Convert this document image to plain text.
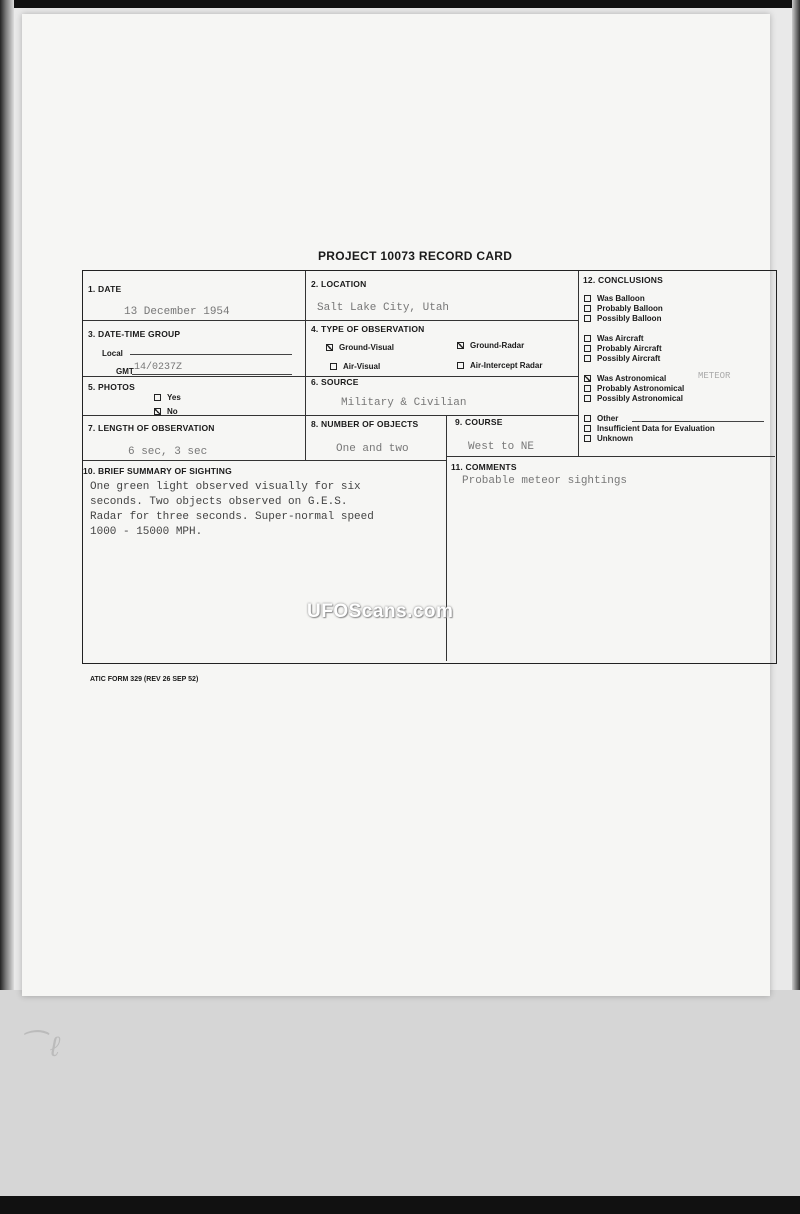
⁀ ℓ
PROJECT 10073 RECORD CARD
1. DATE
13 December 1954
2. LOCATION
Salt Lake City, Utah
3. DATE-TIME GROUP
Local
GMT 14/0237Z
4. TYPE OF OBSERVATION
Ground-Visual	Ground-Radar
Air-Visual	Air-Intercept Radar
5. PHOTOS
Yes
No
6. SOURCE
Military & Civilian
7. LENGTH OF OBSERVATION
6 sec, 3 sec
8. NUMBER OF OBJECTS
One and two
9. COURSE
West to NE
10. BRIEF SUMMARY OF SIGHTING
One green light observed visually for six
seconds. Two objects observed on G.E.S.
Radar for three seconds. Super-normal speed
1000 - 15000 MPH.
11. COMMENTS
Probable meteor sightings
12. CONCLUSIONS
Was Balloon
Probably Balloon
Possibly Balloon
Was Aircraft
Probably Aircraft
Possibly Aircraft
Was Astronomical	METEOR
Probably Astronomical
Possibly Astronomical
Other
Insufficient Data for Evaluation
Unknown
UFOScans.com
ATIC FORM 329 (REV 26 SEP 52)
